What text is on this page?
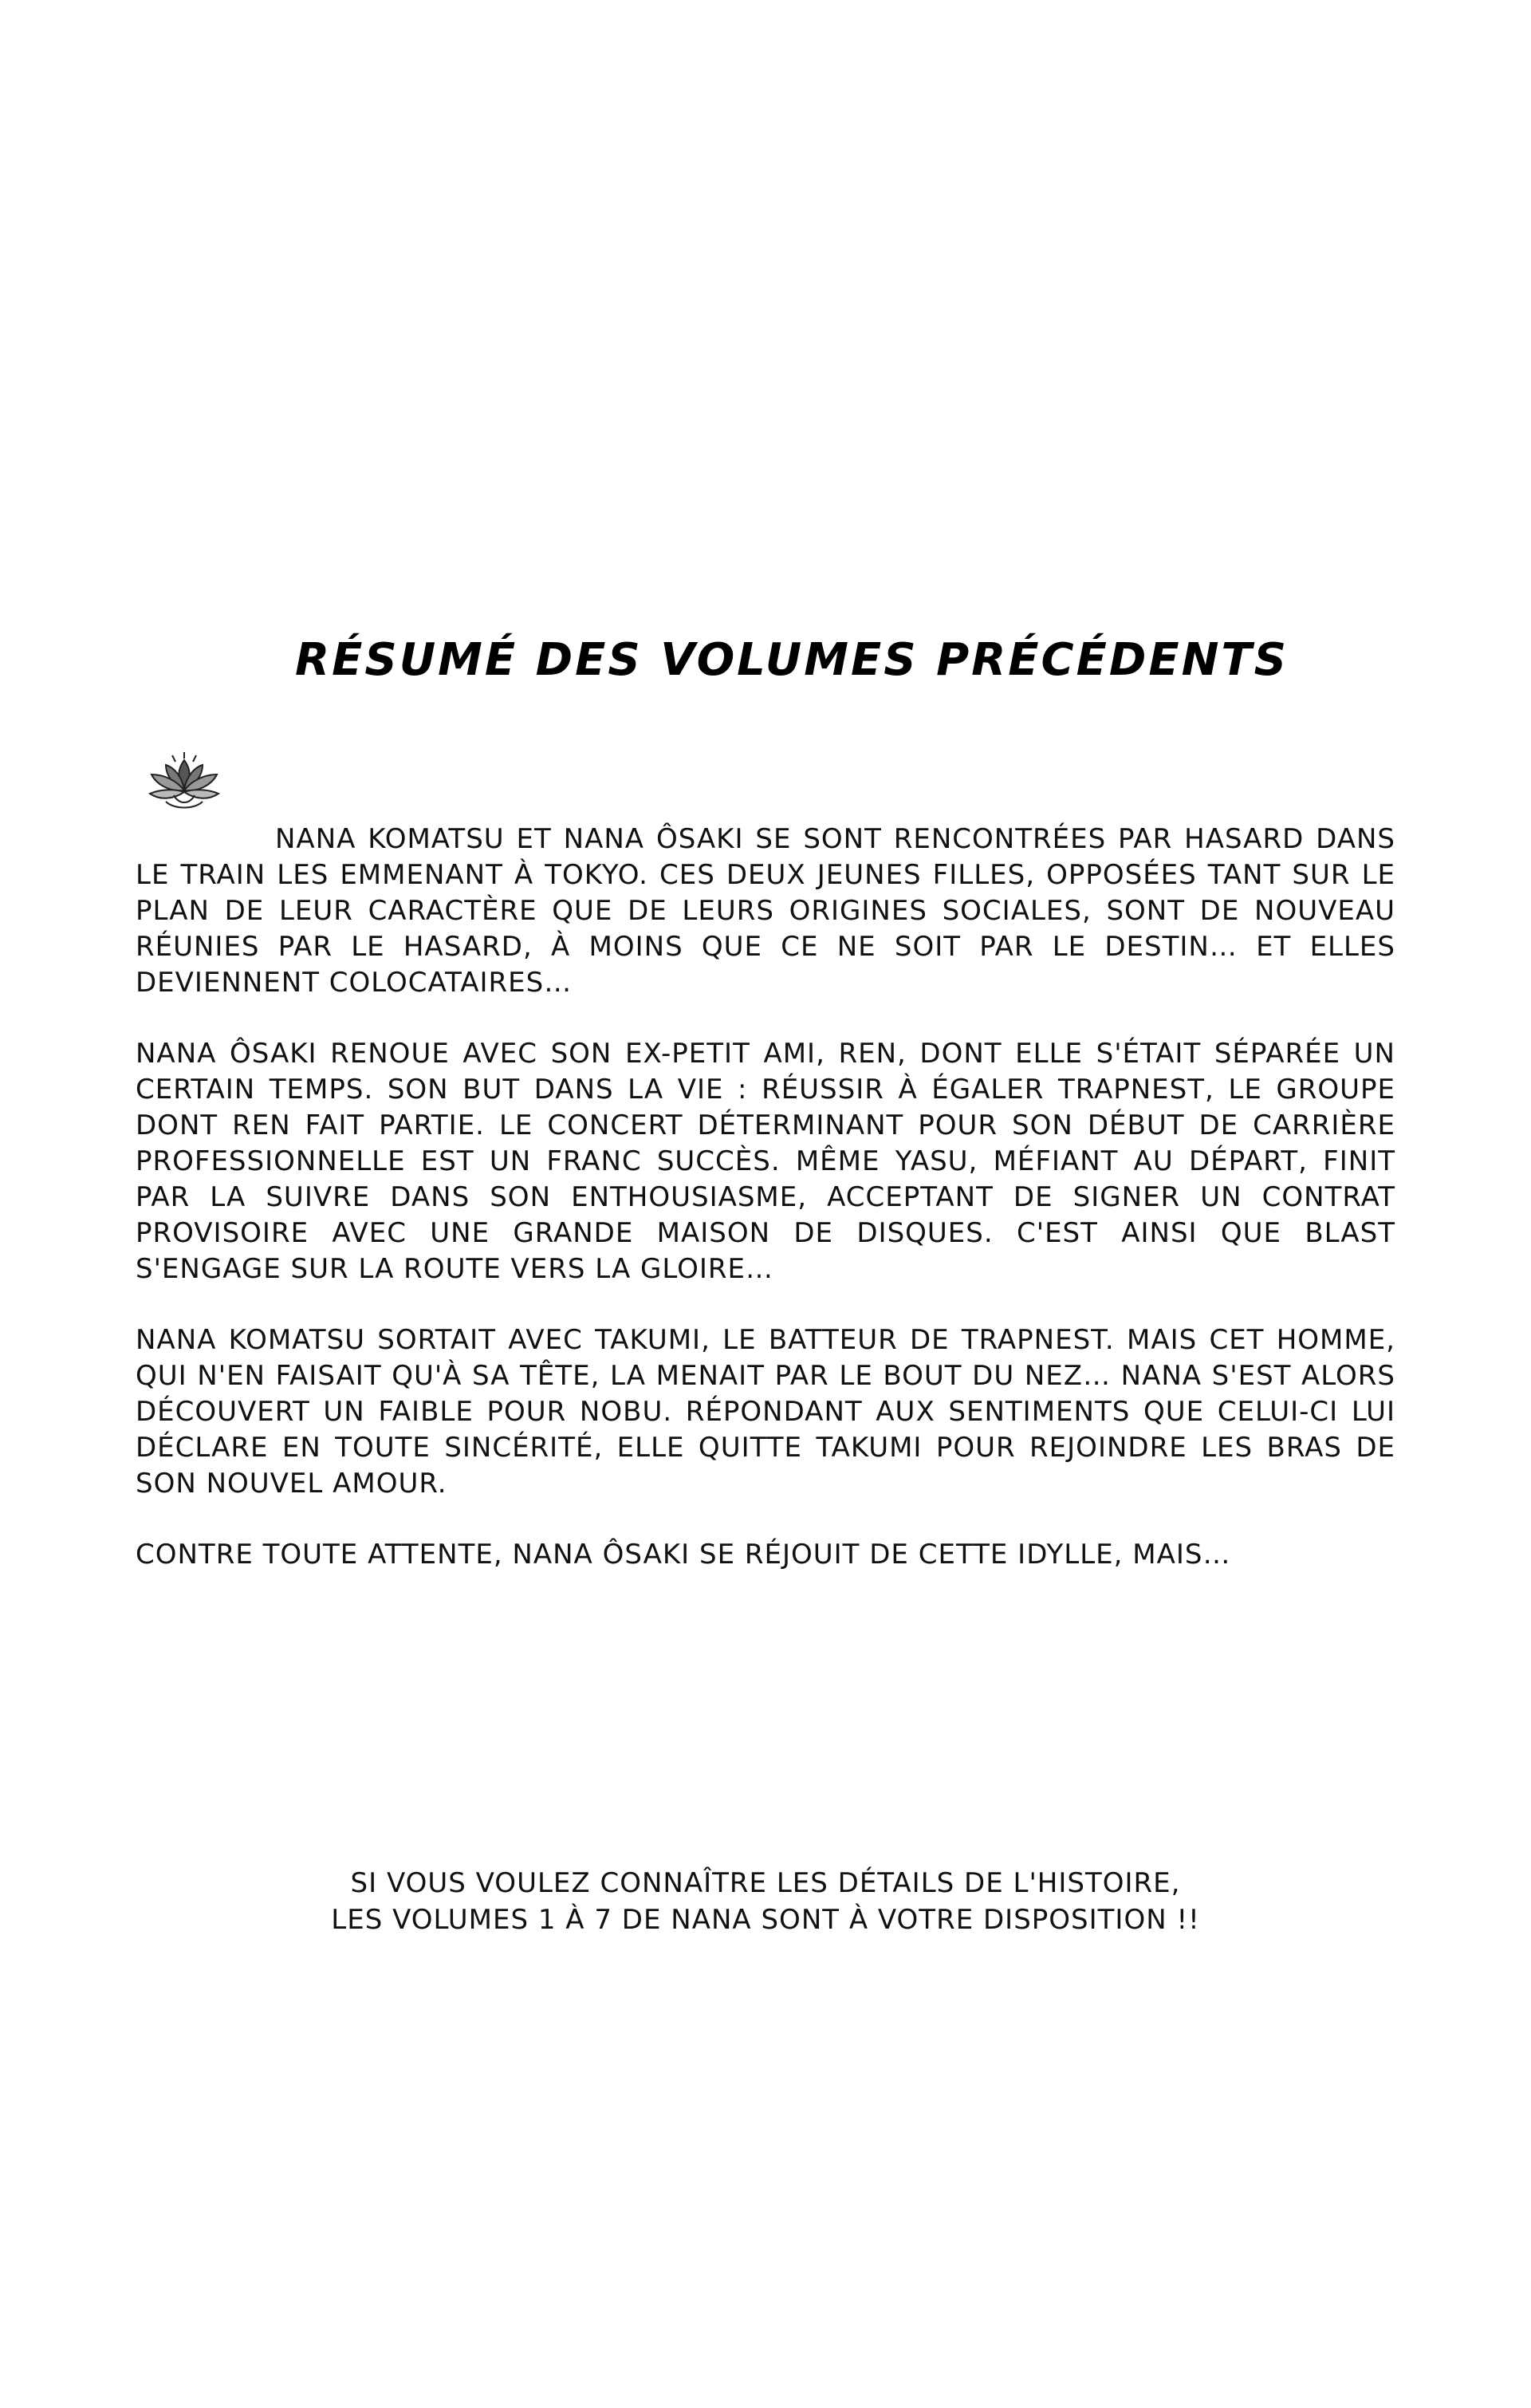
RÉSUMÉ DES VOLUMES PRÉCÉDENTS

NANA KOMATSU ET NANA ÔSAKI SE SONT RENCONTRÉES PAR HASARD DANS LE TRAIN LES EMMENANT À TOKYO. CES DEUX JEUNES FILLES, OPPOSÉES TANT SUR LE PLAN DE LEUR CARACTÈRE QUE DE LEURS ORIGINES SOCIALES, SONT DE NOUVEAU RÉUNIES PAR LE HASARD, À MOINS QUE CE NE SOIT PAR LE DESTIN… ET ELLES DEVIENNENT COLOCATAIRES…

NANA ÔSAKI RENOUE AVEC SON EX-PETIT AMI, REN, DONT ELLE S'ÉTAIT SÉPARÉE UN CERTAIN TEMPS. SON BUT DANS LA VIE : RÉUSSIR À ÉGALER TRAPNEST, LE GROUPE DONT REN FAIT PARTIE. LE CONCERT DÉTERMINANT POUR SON DÉBUT DE CARRIÈRE PROFESSIONNELLE EST UN FRANC SUCCÈS. MÊME YASU, MÉFIANT AU DÉPART, FINIT PAR LA SUIVRE DANS SON ENTHOUSIASME, ACCEPTANT DE SIGNER UN CONTRAT PROVISOIRE AVEC UNE GRANDE MAISON DE DISQUES. C'EST AINSI QUE BLAST S'ENGAGE SUR LA ROUTE VERS LA GLOIRE…

NANA KOMATSU SORTAIT AVEC TAKUMI, LE BATTEUR DE TRAPNEST. MAIS CET HOMME, QUI N'EN FAISAIT QU'À SA TÊTE, LA MENAIT PAR LE BOUT DU NEZ… NANA S'EST ALORS DÉCOUVERT UN FAIBLE POUR NOBU. RÉPONDANT AUX SENTIMENTS QUE CELUI-CI LUI DÉCLARE EN TOUTE SINCÉRITÉ, ELLE QUITTE TAKUMI POUR REJOINDRE LES BRAS DE SON NOUVEL AMOUR.

CONTRE TOUTE ATTENTE, NANA ÔSAKI SE RÉJOUIT DE CETTE IDYLLE, MAIS…

SI VOUS VOULEZ CONNAÎTRE LES DÉTAILS DE L'HISTOIRE,
LES VOLUMES 1 À 7 DE NANA SONT À VOTRE DISPOSITION !!
